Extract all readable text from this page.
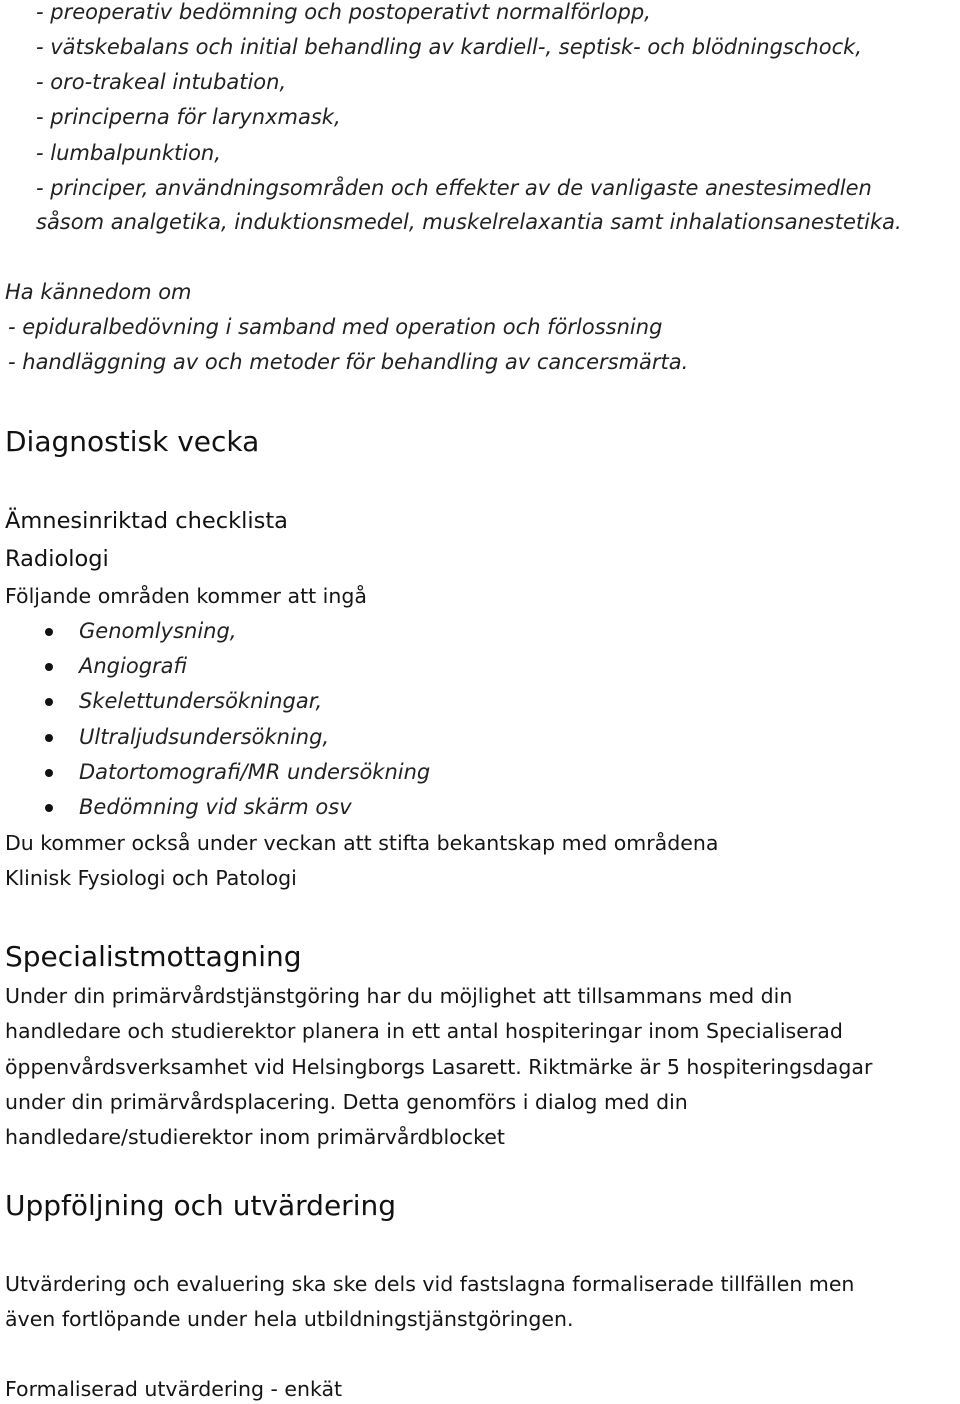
- preoperativ bedömning och postoperativt normalförlopp,
- vätskebalans och initial behandling av kardiell-, septisk- och blödningschock,
- oro-trakeal intubation,
- principerna för larynxmask,
- lumbalpunktion,
- principer, användningsområden och effekter av de vanligaste anestesimedlen
såsom analgetika, induktionsmedel, muskelrelaxantia samt inhalationsanestetika.
Ha kännedom om
- epiduralbedövning i samband med operation och förlossning
- handläggning av och metoder för behandling av cancersmärta.
Diagnostisk vecka
Ämnesinriktad checklista
Radiologi
Följande områden kommer att ingå
Genomlysning,
Angiografi
Skelettundersökningar,
Ultraljudsundersökning,
Datortomografi/MR undersökning
Bedömning vid skärm osv
Du kommer också under veckan att stifta bekantskap med områdena
Klinisk Fysiologi och Patologi
Specialistmottagning
Under din primärvårdstjänstgöring har du möjlighet att tillsammans med din
handledare och studierektor planera in ett antal hospiteringar inom Specialiserad
öppenvårdsverksamhet vid Helsingborgs Lasarett. Riktmärke är 5 hospiteringsdagar
under din primärvårdsplacering. Detta genomförs i dialog med din
handledare/studierektor inom primärvårdblocket
Uppföljning och utvärdering
Utvärdering och evaluering ska ske dels vid fastslagna formaliserade tillfällen men
även fortlöpande under hela utbildningstjänstgöringen.
Formaliserad utvärdering - enkät
